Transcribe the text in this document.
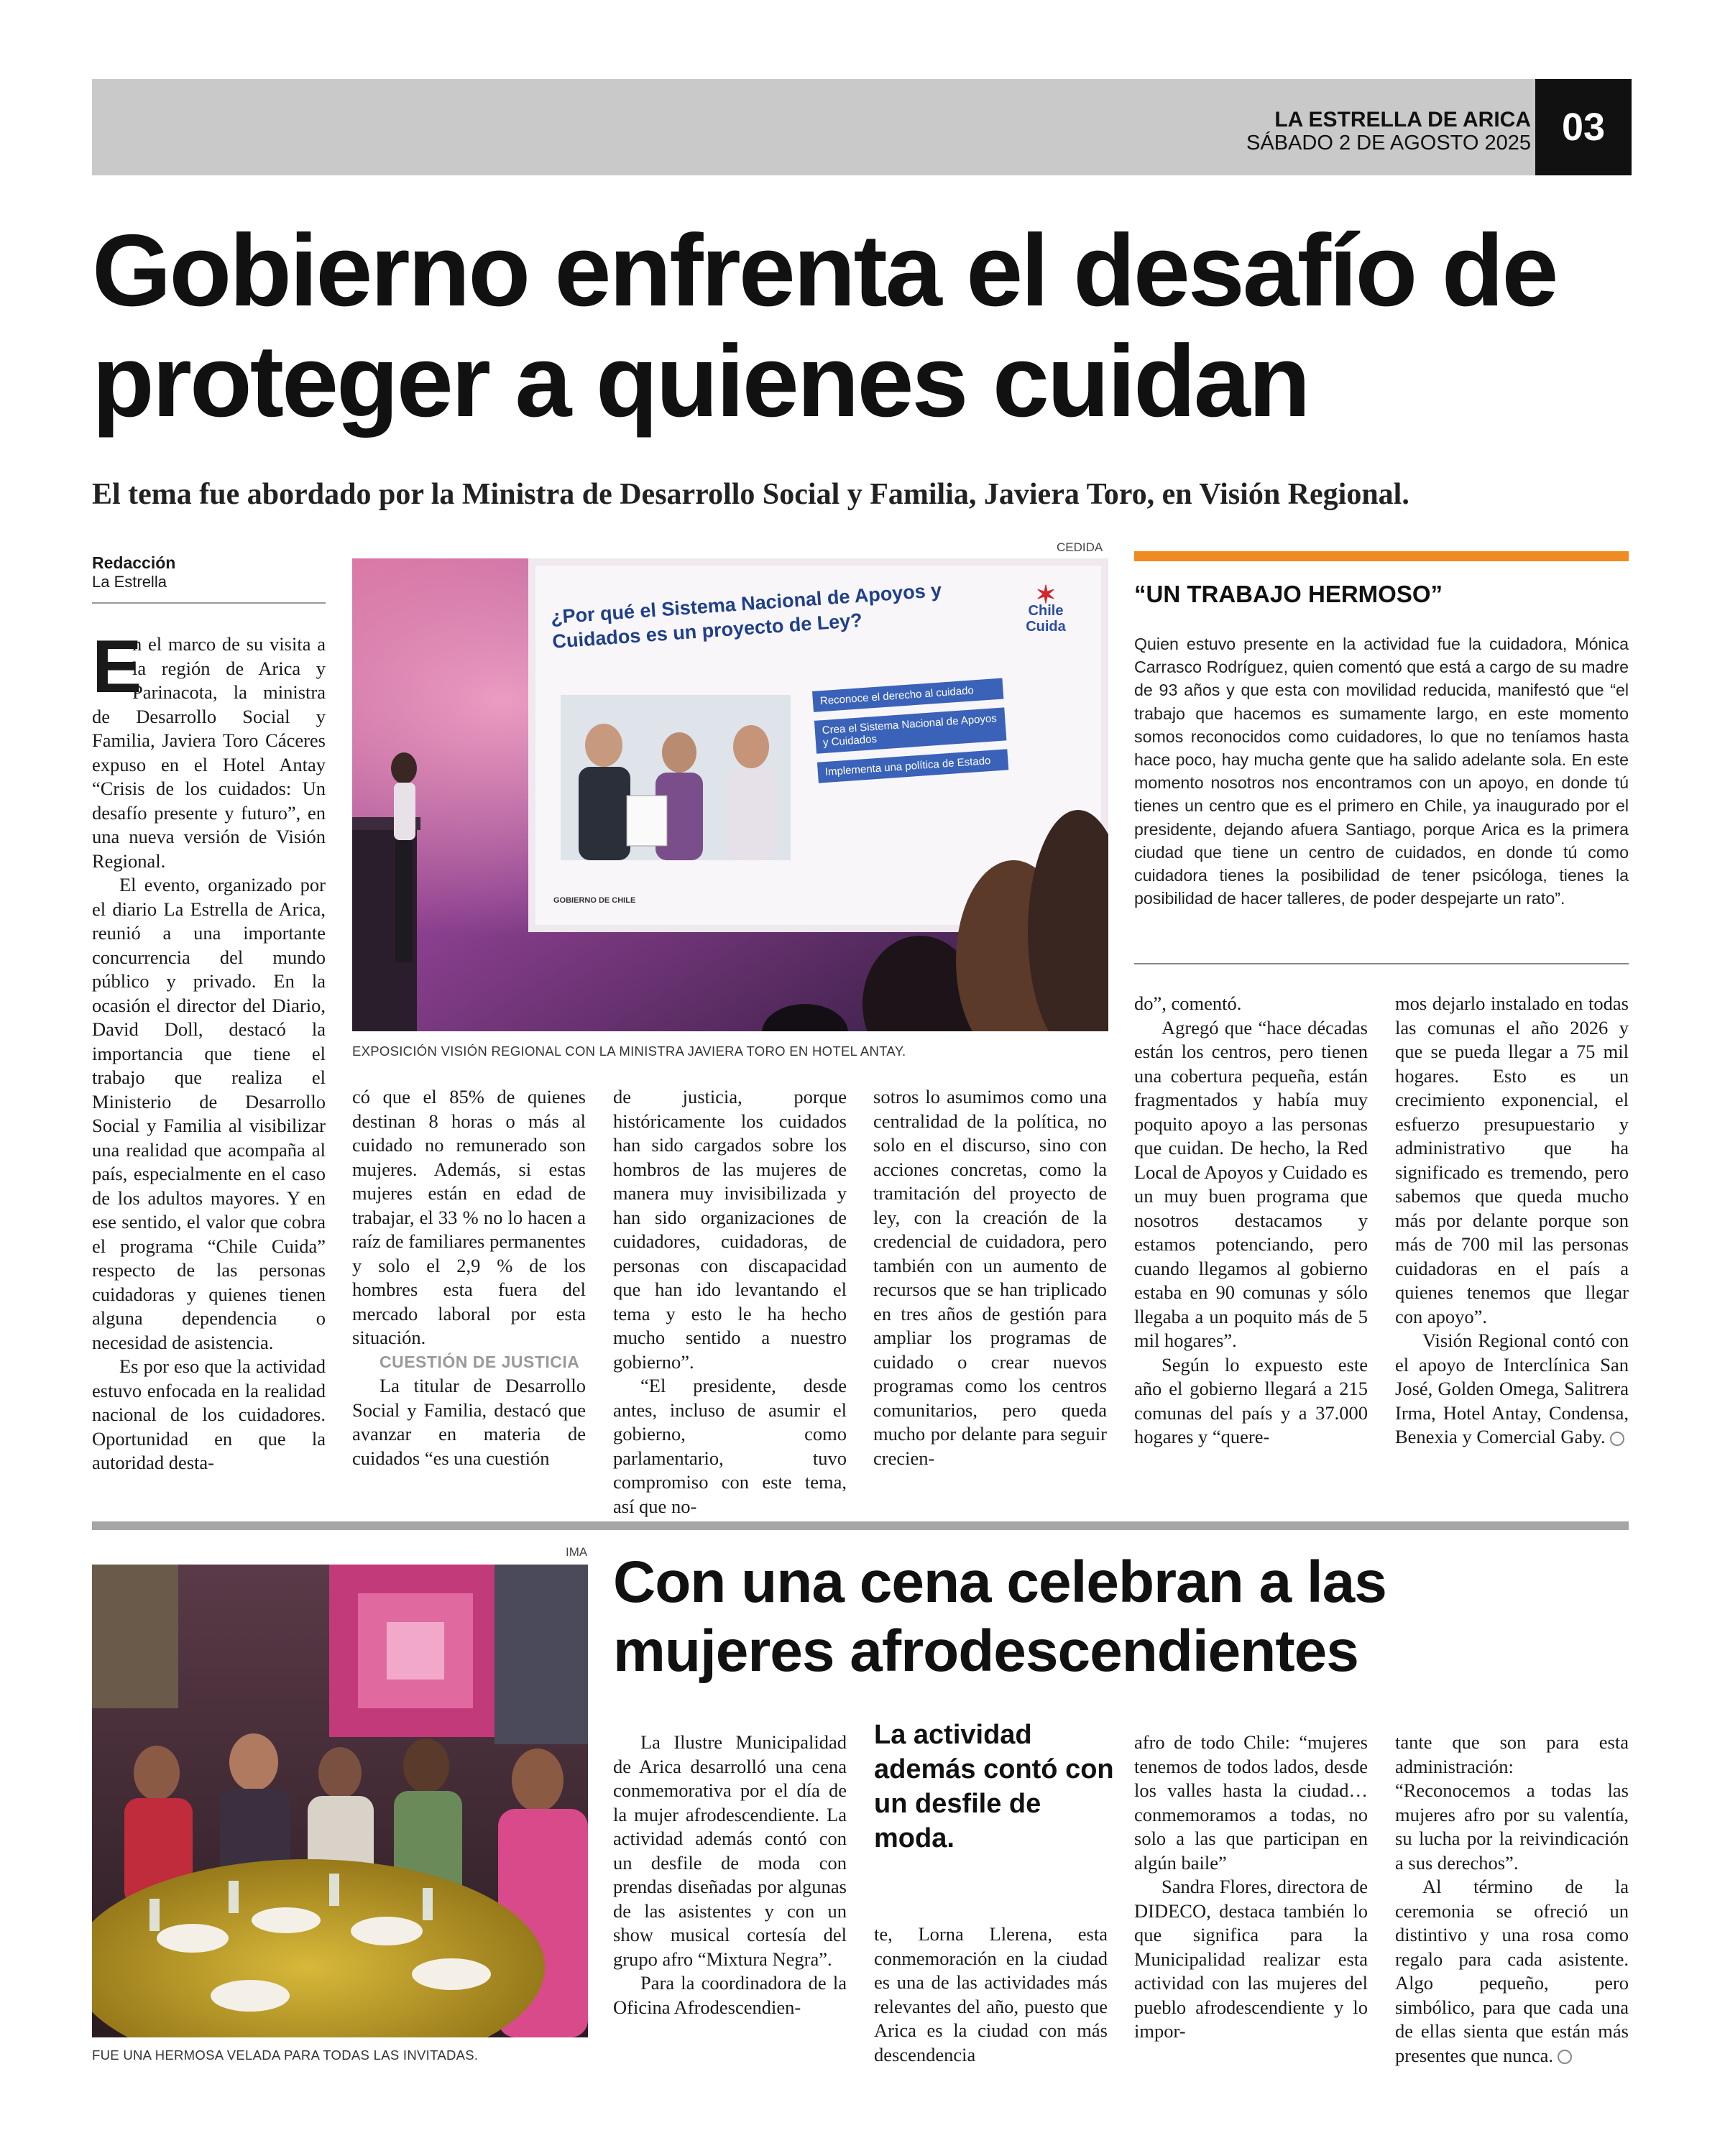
LA ESTRELLA DE ARICA
SÁBADO 2 DE AGOSTO 2025 03
Gobierno enfrenta el desafío de proteger a quienes cuidan
El tema fue abordado por la Ministra de Desarrollo Social y Familia, Javiera Toro, en Visión Regional.
Redacción
La Estrella

E
n el marco de su visita a la región de Arica y Parinacota, la ministra de Desarrollo Social y Familia, Javiera Toro Cáceres expuso en el Hotel Antay “Crisis de los cuidados: Un desafío presente y futuro”, en una nueva versión de Visión Regional.

El evento, organizado por el diario La Estrella de Arica, reunió a una importante concurrencia del mundo público y privado. En la ocasión el director del Diario, David Doll, destacó la importancia que tiene el trabajo que realiza el Ministerio de Desarrollo Social y Familia al visibilizar una realidad que acompaña al país, especialmente en el caso de los adultos mayores. Y en ese sentido, el valor que cobra el programa “Chile Cuida” respecto de las personas cuidadoras y quienes tienen alguna dependencia o necesidad de asistencia.

Es por eso que la actividad estuvo enfocada en la realidad nacional de los cuidadores. Oportunidad en que la autoridad desta-

CEDIDA
¿Por qué el Sistema Nacional de Apoyos y Cuidados es un proyecto de Ley?
✶
Chile Cuida
Reconoce el derecho al cuidado
Crea el Sistema Nacional de Apoyos y Cuidados
Implementa una política de Estado
GOBIERNO DE CHILE
EXPOSICIÓN VISIÓN REGIONAL CON LA MINISTRA JAVIERA TORO EN HOTEL ANTAY.

có que el 85% de quienes destinan 8 horas o más al cuidado no remunerado son mujeres. Además, si estas mujeres están en edad de trabajar, el 33 % no lo hacen a raíz de familiares permanentes y solo el 2,9 % de los hombres esta fuera del mercado laboral por esta situación.

CUESTIÓN DE JUSTICIA

La titular de Desarrollo Social y Familia, destacó que avanzar en materia de cuidados “es una cuestión

de justicia, porque históricamente los cuidados han sido cargados sobre los hombros de las mujeres de manera muy invisibilizada y han sido organizaciones de cuidadores, cuidadoras, de personas con discapacidad que han ido levantando el tema y esto le ha hecho mucho sentido a nuestro gobierno”.

“El presidente, desde antes, incluso de asumir el gobierno, como parlamentario, tuvo compromiso con este tema, así que no-

sotros lo asumimos como una centralidad de la política, no solo en el discurso, sino con acciones concretas, como la tramitación del proyecto de ley, con la creación de la credencial de cuidadora, pero también con un aumento de recursos que se han triplicado en tres años de gestión para ampliar los programas de cuidado o crear nuevos programas como los centros comunitarios, pero queda mucho por delante para seguir crecien-

do”, comentó.

Agregó que “hace décadas están los centros, pero tienen una cobertura pequeña, están fragmentados y había muy poquito apoyo a las personas que cuidan. De hecho, la Red Local de Apoyos y Cuidado es un muy buen programa que nosotros destacamos y estamos potenciando, pero cuando llegamos al gobierno estaba en 90 comunas y sólo llegaba a un poquito más de 5 mil hogares”.

Según lo expuesto este año el gobierno llegará a 215 comunas del país y a 37.000 hogares y “quere-

mos dejarlo instalado en todas las comunas el año 2026 y que se pueda llegar a 75 mil hogares. Esto es un crecimiento exponencial, el esfuerzo presupuestario y administrativo que ha significado es tremendo, pero sabemos que queda mucho más por delante porque son más de 700 mil las personas cuidadoras en el país a quienes tenemos que llegar con apoyo”.

Visión Regional contó con el apoyo de Interclínica San José, Golden Omega, Salitrera Irma, Hotel Antay, Condensa, Benexia y Comercial Gaby.

“UN TRABAJO HERMOSO”
Quien estuvo presente en la actividad fue la cuidadora, Mónica Carrasco Rodríguez, quien comentó que está a cargo de su madre de 93 años y que esta con movilidad reducida, manifestó que “el trabajo que hacemos es sumamente largo, en este momento somos reconocidos como cuidadores, lo que no teníamos hasta hace poco, hay mucha gente que ha salido adelante sola. En este momento nosotros nos encontramos con un apoyo, en donde tú tienes un centro que es el primero en Chile, ya inaugurado por el presidente, dejando afuera Santiago, porque Arica es la primera ciudad que tiene un centro de cuidados, en donde tú como cuidadora tienes la posibilidad de tener psicóloga, tienes la posibilidad de hacer talleres, de poder despejarte un rato”.
IMA
FUE UNA HERMOSA VELADA PARA TODAS LAS INVITADAS.
Con una cena celebran a las mujeres afrodescendientes
La actividad además contó con un desfile de moda.

La Ilustre Municipalidad de Arica desarrolló una cena conmemorativa por el día de la mujer afrodescendiente. La actividad además contó con un desfile de moda con prendas diseñadas por algunas de las asistentes y con un show musical cortesía del grupo afro “Mixtura Negra”.

Para la coordinadora de la Oficina Afrodescendien-

te, Lorna Llerena, esta conmemoración en la ciudad es una de las actividades más relevantes del año, puesto que Arica es la ciudad con más descendencia

afro de todo Chile: “mujeres tenemos de todos lados, desde los valles hasta la ciudad…conmemoramos a todas, no solo a las que participan en algún baile”

Sandra Flores, directora de DIDECO, destaca también lo que significa para la Municipalidad realizar esta actividad con las mujeres del pueblo afrodescendiente y lo impor-

tante que son para esta administración: “Reconocemos a todas las mujeres afro por su valentía, su lucha por la reivindicación a sus derechos”.

Al término de la ceremonia se ofreció un distintivo y una rosa como regalo para cada asistente. Algo pequeño, pero simbólico, para que cada una de ellas sienta que están más presentes que nunca.
